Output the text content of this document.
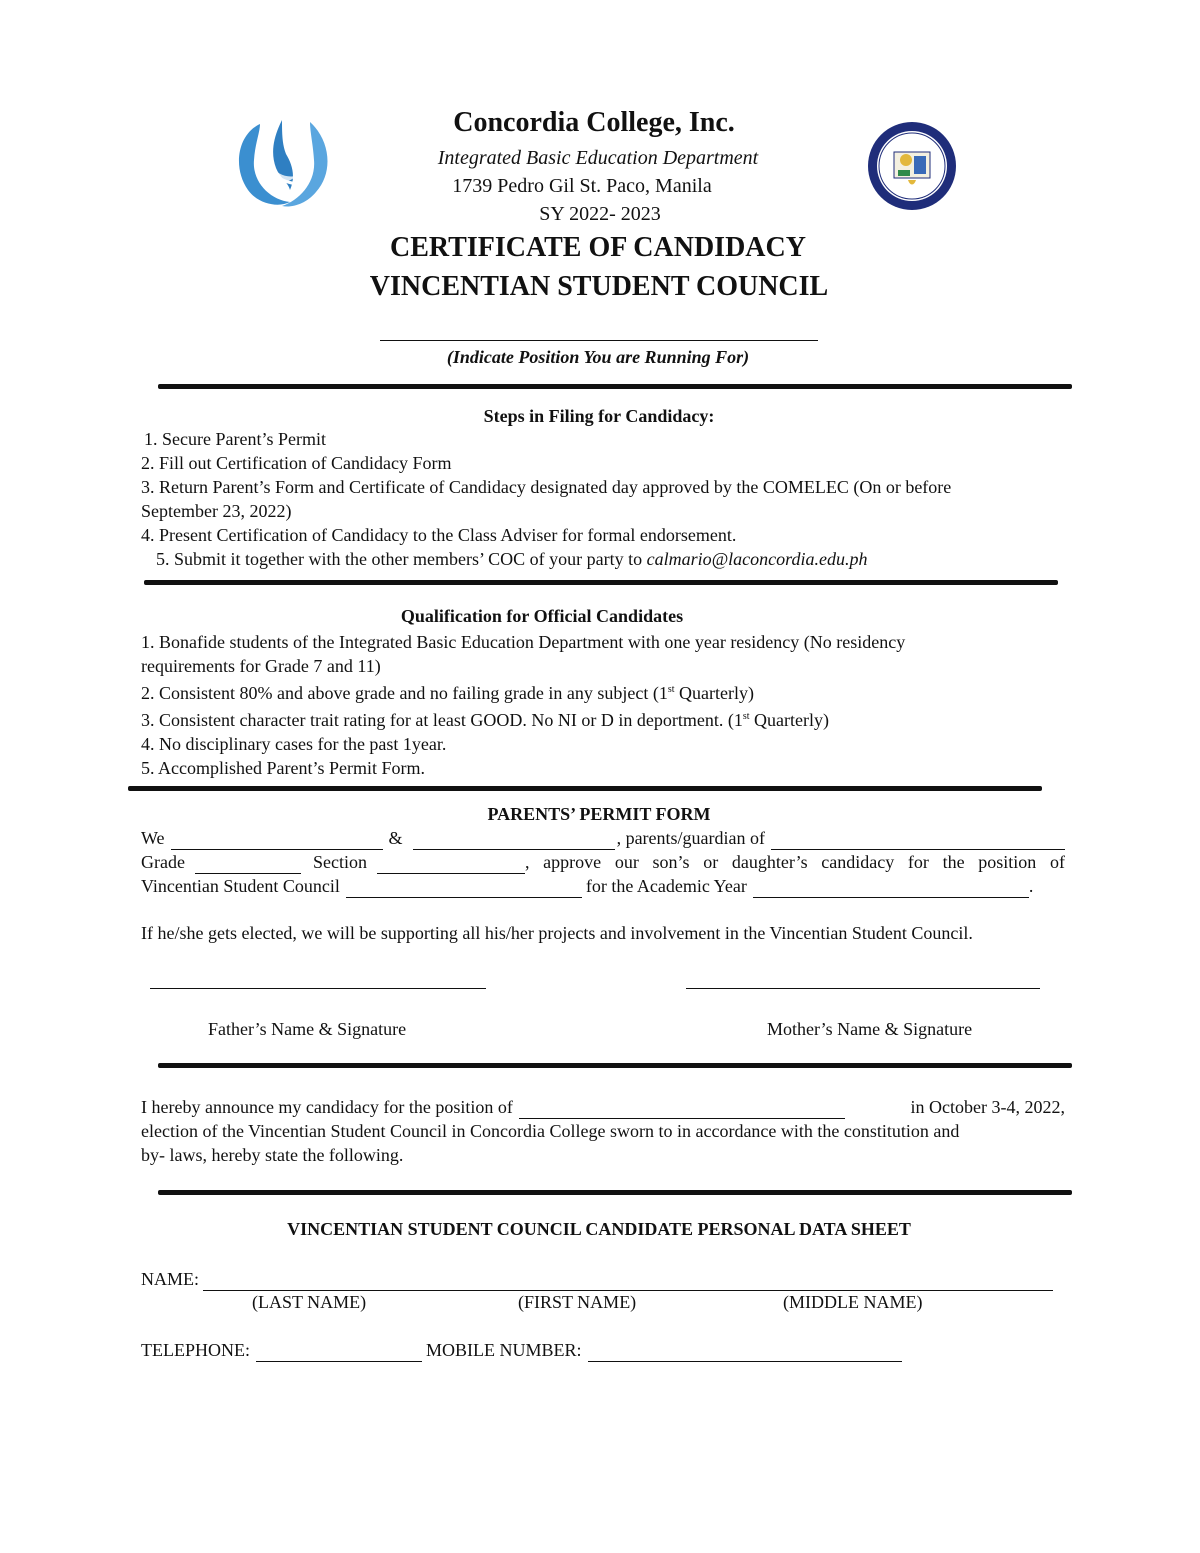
Concordia College, Inc.
Integrated Basic Education Department
1739 Pedro Gil St. Paco, Manila
SY 2022- 2023
CERTIFICATE OF CANDIDACY
VINCENTIAN STUDENT COUNCIL
(Indicate Position You are Running For)
Steps in Filing for Candidacy:

1. Secure Parent’s Permit

2. Fill out Certification of Candidacy Form

3. Return Parent’s Form and Certificate of Candidacy designated day approved by the COMELEC (On or before September 23, 2022)

4. Present Certification of Candidacy to the Class Adviser for formal endorsement.

5. Submit it together with the other members’ COC of your party to calmario@laconcordia.edu.ph

Qualification for Official Candidates

1. Bonafide students of the Integrated Basic Education Department with one year residency (No residency requirements for Grade 7 and 11)

2. Consistent 80% and above grade and no failing grade in any subject (1st Quarterly)

3. Consistent character trait rating for at least GOOD. No NI or D in deportment. (1st Quarterly)

4. No disciplinary cases for the past 1year.

5. Accomplished Parent’s Permit Form.

PARENTS’ PERMIT FORM
We	&	, parents/guardian of
Grade	Section	, approve our son’s or daughter’s candidacy for the position of
Vincentian Student Council	for the Academic Year	.
If he/she gets elected, we will be supporting all his/her projects and involvement in the Vincentian Student Council.
Father’s Name & Signature	Mother’s Name & Signature
I hereby announce my candidacy for the position of	in October 3-4, 2022,

election of the Vincentian Student Council in Concordia College sworn to in accordance with the constitution and

by- laws, hereby state the following.

VINCENTIAN STUDENT COUNCIL CANDIDATE PERSONAL DATA SHEET
NAME:
(LAST NAME)	(FIRST NAME)	(MIDDLE NAME)
TELEPHONE:	MOBILE NUMBER:
